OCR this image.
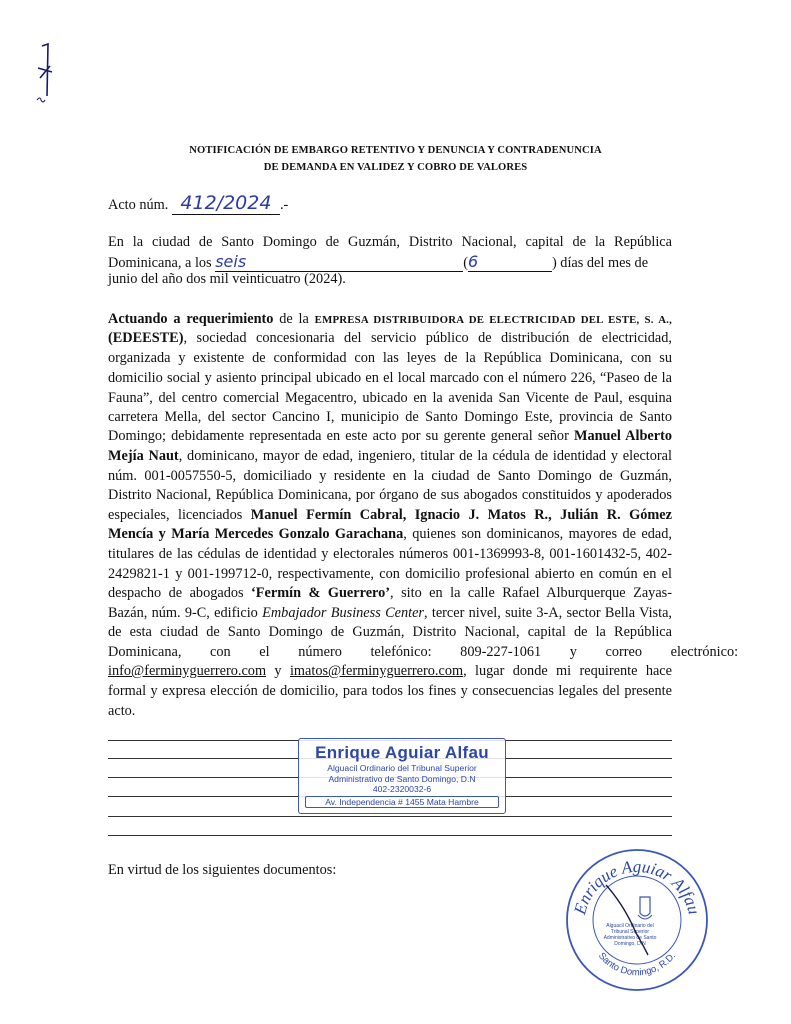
NOTIFICACIÓN DE EMBARGO RETENTIVO Y DENUNCIA Y CONTRADENUNCIA
DE DEMANDA EN VALIDEZ Y COBRO DE VALORES
Acto núm. 412/2024 .-
En la ciudad de Santo Domingo de Guzmán, Distrito Nacional, capital de la República
Dominicana, a los seis	(6	) días del mes de
junio del año dos mil veinticuatro (2024).
Actuando a requerimiento de la EMPRESA DISTRIBUIDORA DE ELECTRICIDAD DEL ESTE, S. A.,
(EDEESTE), sociedad concesionaria del servicio público de distribución de electricidad,
organizada y existente de conformidad con las leyes de la República Dominicana, con su
domicilio social y asiento principal ubicado en el local marcado con el número 226, “Paseo de la
Fauna”, del centro comercial Megacentro, ubicado en la avenida San Vicente de Paul, esquina
carretera Mella, del sector Cancino I, municipio de Santo Domingo Este, provincia de Santo
Domingo; debidamente representada en este acto por su gerente general señor Manuel Alberto
Mejía Naut, dominicano, mayor de edad, ingeniero, titular de la cédula de identidad y electoral
núm. 001-0057550-5, domiciliado y residente en la ciudad de Santo Domingo de Guzmán,
Distrito Nacional, República Dominicana, por órgano de sus abogados constituidos y apoderados
especiales, licenciados Manuel Fermín Cabral, Ignacio J. Matos R., Julián R. Gómez
Mencía y María Mercedes Gonzalo Garachana, quienes son dominicanos, mayores de edad,
titulares de las cédulas de identidad y electorales números 001-1369993-8, 001-1601432-5, 402-
2429821-1 y 001-199712-0, respectivamente, con domicilio profesional abierto en común en el
despacho de abogados ‘Fermín & Guerrero’, sito en la calle Rafael Alburquerque Zayas-
Bazán, núm. 9-C, edificio Embajador Business Center, tercer nivel, suite 3-A, sector Bella Vista,
de esta ciudad de Santo Domingo de Guzmán, Distrito Nacional, capital de la República
Dominicana,        con        el        número        telefónico:        809-227-1061        y        correo        electrónico:
info@ferminyguerrero.com y imatos@ferminyguerrero.com, lugar donde mi requirente hace
formal y expresa elección de domicilio, para todos los fines y consecuencias legales del presente
acto.
Enrique Aguiar Alfau
Alguacil Ordinario del Tribunal Superior
Administrativo de Santo Domingo, D.N
402-2320032-6
Av. Independencia # 1455 Mata Hambre
En virtud de los siguientes documentos:
Enrique Aguiar Alfau
Santo Domingo, R.D.
Alguacil Ordinario del Tribunal Superior Administrativo de Santo Domingo, D.N
